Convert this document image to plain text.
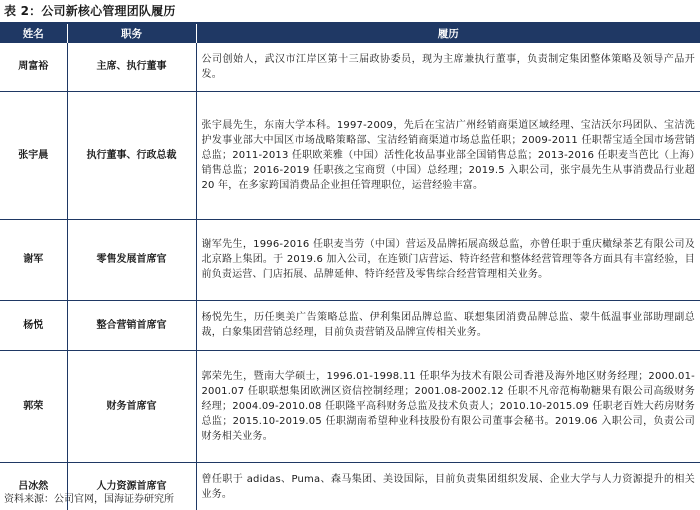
表 2：公司新核心管理团队履历
姓名	职务	履历
周富裕	主席、执行董事	公司创始人，武汉市江岸区第十三届政协委员，现为主席兼执行董事，负责制定集团整体策略及领导产品开发。
张宇晨	执行董事、行政总裁	张宇晨先生，东南大学本科。1997-2009，先后在宝洁广州经销商渠道区域经理、宝洁沃尔玛团队、宝洁洗护发事业部大中国区市场战略策略部、宝洁经销商渠道市场总监任职；2009-2011 任职帮宝适全国市场营销总监；2011-2013 任职欧莱雅（中国）活性化妆品事业部全国销售总监；2013-2016 任职麦当芭比（上海）销售总监；2016-2019 任职孩之宝商贸（中国）总经理；2019.5 入职公司，张宇晨先生从事消费品行业超 20 年，在多家跨国消费品企业担任管理职位，运营经验丰富。
谢军	零售发展首席官	谢军先生，1996-2016 任职麦当劳（中国）营运及品牌拓展高级总监，亦曾任职于重庆橄绿茶艺有限公司及北京路上集团。于 2019.6 加入公司，在连锁门店营运、特许经营和整体经营管理等各方面具有丰富经验，目前负责运营、门店拓展、品牌延伸、特许经营及零售综合经营管理相关业务。
杨悦	整合营销首席官	杨悦先生，历任奥美广告策略总监、伊利集团品牌总监、联想集团消费品牌总监、蒙牛低温事业部助理副总裁，白象集团营销总经理，目前负责营销及品牌宣传相关业务。
郭荣	财务首席官	郭荣先生，暨南大学硕士，1996.01-1998.11 任职华为技术有限公司香港及海外地区财务经理；2000.01-2001.07 任职联想集团欧洲区资信控制经理；2001.08-2002.12 任职不凡帝范梅勒糖果有限公司高级财务经理；2004.09-2010.08 任职隆平高科财务总监及技术负责人；2010.10-2015.09 任职老百姓大药房财务总监；2015.10-2019.05 任职湖南希望种业科技股份有限公司董事会秘书。2019.06 入职公司，负责公司财务相关业务。
吕冰然	人力资源首席官	曾任职于 adidas、Puma、森马集团、美设国际，目前负责集团组织发展、企业大学与人力资源提升的相关业务。
资料来源：公司官网，国海证券研究所
